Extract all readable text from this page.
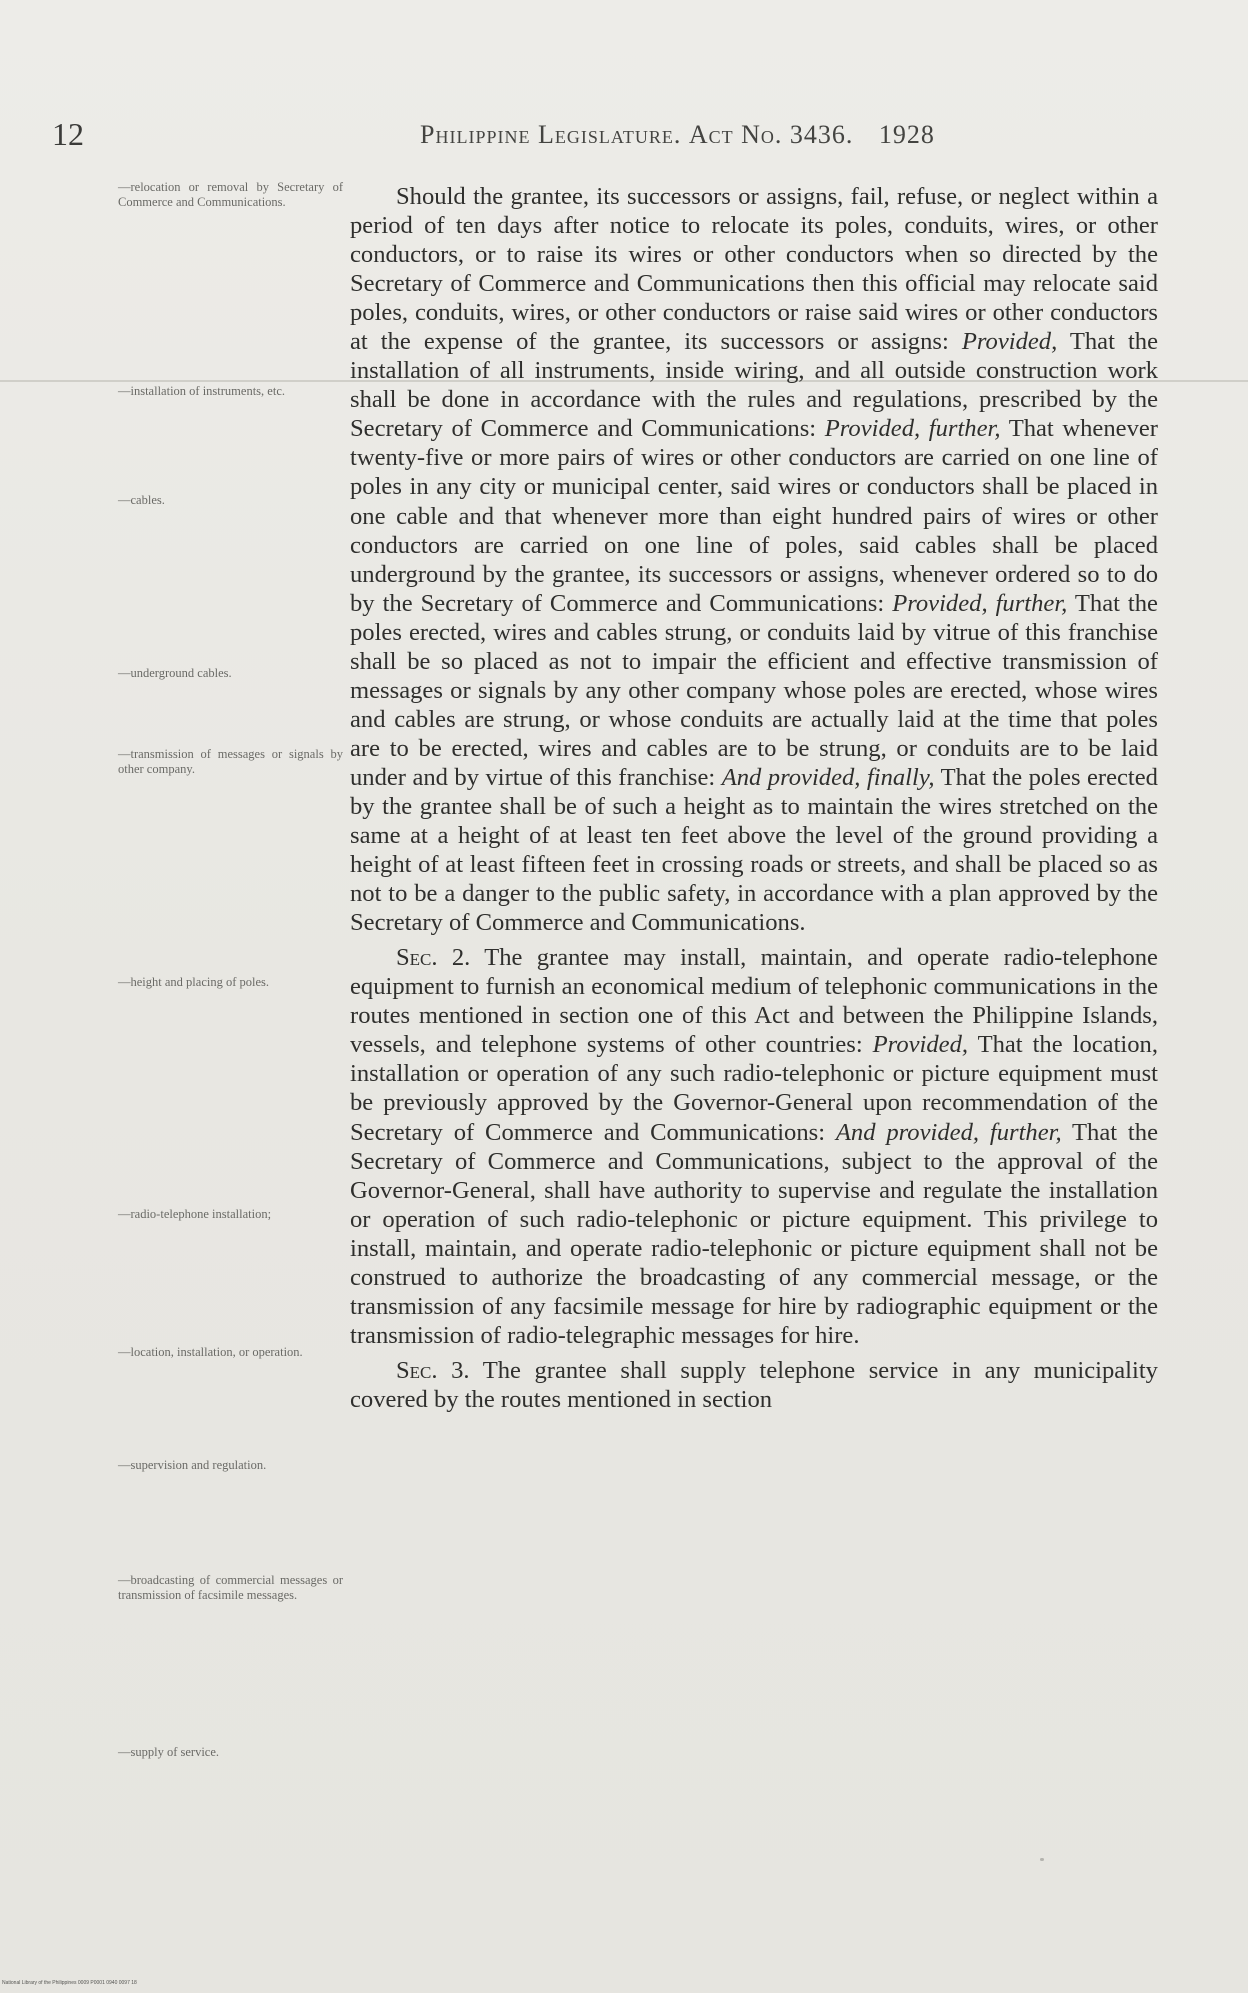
12	Philippine Legislature. Act No. 3436. 1928
—relocation or removal by Secretary of Commerce and Communications.
—installation of instruments, etc.
—cables.
—underground cables.
—transmission of messages or signals by other company.
—height and placing of poles.
—radio-telephone installation;
—location, installation, or operation.
—supervision and regulation.
—broadcasting of commercial messages or transmission of facsimile messages.
—supply of service.

Should the grantee, its successors or assigns, fail, refuse, or neglect within a period of ten days after notice to relocate its poles, conduits, wires, or other conductors, or to raise its wires or other conductors when so directed by the Secretary of Commerce and Communications then this official may relocate said poles, conduits, wires, or other conductors or raise said wires or other conductors at the expense of the grantee, its successors or assigns: Provided, That the installation of all instruments, inside wiring, and all outside construction work shall be done in accordance with the rules and regulations, prescribed by the Secretary of Commerce and Communications: Provided, further, That whenever twenty-five or more pairs of wires or other conductors are carried on one line of poles in any city or municipal center, said wires or conductors shall be placed in one cable and that whenever more than eight hundred pairs of wires or other conductors are carried on one line of poles, said cables shall be placed underground by the grantee, its successors or assigns, whenever ordered so to do by the Secretary of Commerce and Communications: Provided, further, That the poles erected, wires and cables strung, or conduits laid by vitrue of this franchise shall be so placed as not to impair the efficient and effective transmission of messages or signals by any other company whose poles are erected, whose wires and cables are strung, or whose conduits are actually laid at the time that poles are to be erected, wires and cables are to be strung, or conduits are to be laid under and by virtue of this franchise: And provided, finally, That the poles erected by the grantee shall be of such a height as to maintain the wires stretched on the same at a height of at least ten feet above the level of the ground providing a height of at least fifteen feet in crossing roads or streets, and shall be placed so as not to be a danger to the public safety, in accordance with a plan approved by the Secretary of Commerce and Communications.

Sec. 2. The grantee may install, maintain, and operate radio-telephone equipment to furnish an economical medium of telephonic communications in the routes mentioned in section one of this Act and between the Philippine Islands, vessels, and telephone systems of other countries: Provided, That the location, installation or operation of any such radio-telephonic or picture equipment must be previously approved by the Governor-General upon recommendation of the Secretary of Commerce and Communications: And provided, further, That the Secretary of Commerce and Communications, subject to the approval of the Governor-General, shall have authority to supervise and regulate the installation or operation of such radio-telephonic or picture equipment. This privilege to install, maintain, and operate radio-telephonic or picture equipment shall not be construed to authorize the broadcasting of any commercial message, or the transmission of any facsimile message for hire by radiographic equipment or the transmission of radio-telegraphic messages for hire.

Sec. 3. The grantee shall supply telephone service in any municipality covered by the routes mentioned in section

National Library of the Philippines 0009 P0001 0940 0097 18
